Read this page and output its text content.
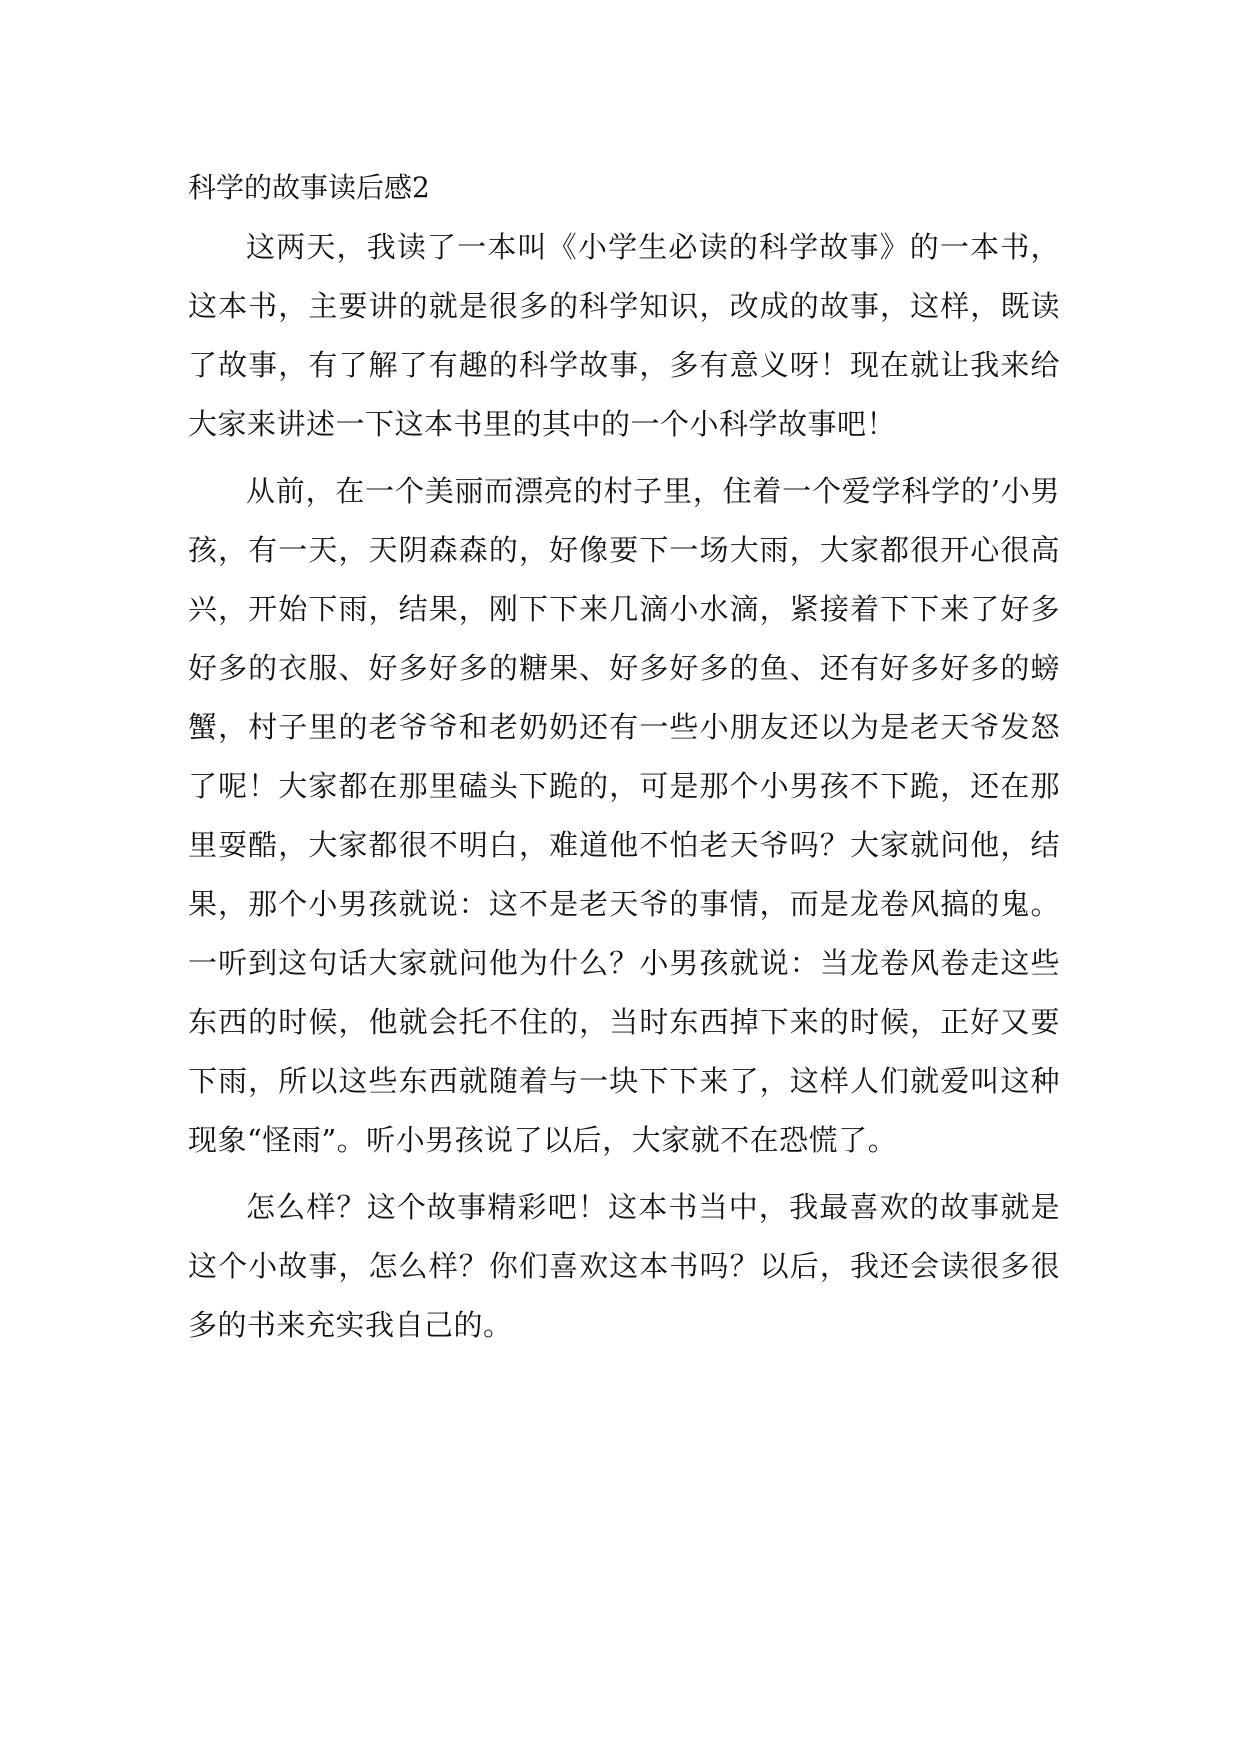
科学的故事读后感2

这两天，我读了一本叫《小学生必读的科学故事》的一本书，这本书，主要讲的就是很多的科学知识，改成的故事，这样，既读了故事，有了解了有趣的科学故事，多有意义呀！现在就让我来给大家来讲述一下这本书里的其中的一个小科学故事吧！

从前，在一个美丽而漂亮的村子里，住着一个爱学科学的’小男孩，有一天，天阴森森的，好像要下一场大雨，大家都很开心很高兴，开始下雨，结果，刚下下来几滴小水滴，紧接着下下来了好多好多的衣服、好多好多的糖果、好多好多的鱼、还有好多好多的螃蟹，村子里的老爷爷和老奶奶还有一些小朋友还以为是老天爷发怒了呢！大家都在那里磕头下跪的，可是那个小男孩不下跪，还在那里耍酷，大家都很不明白，难道他不怕老天爷吗？大家就问他，结果，那个小男孩就说：这不是老天爷的事情，而是龙卷风搞的鬼。一听到这句话大家就问他为什么？小男孩就说：当龙卷风卷走这些东西的时候，他就会托不住的，当时东西掉下来的时候，正好又要下雨，所以这些东西就随着与一块下下来了，这样人们就爱叫这种现象“怪雨”。听小男孩说了以后，大家就不在恐慌了。

怎么样？这个故事精彩吧！这本书当中，我最喜欢的故事就是这个小故事，怎么样？你们喜欢这本书吗？以后，我还会读很多很多的书来充实我自己的。
